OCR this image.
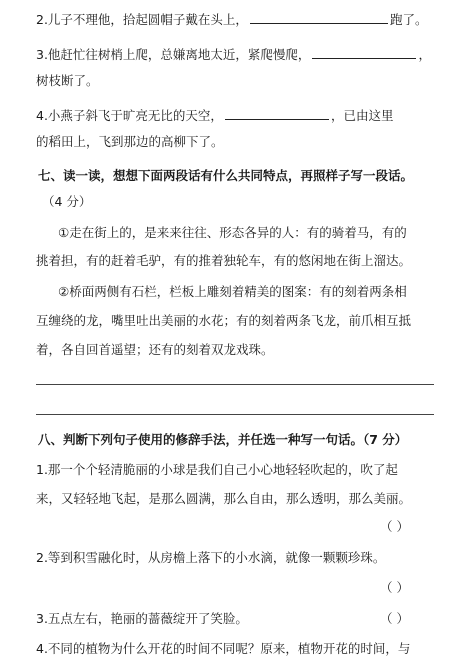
2.儿子不理他，拾起圆帽子戴在头上，	跑了。
3.他赶忙往树梢上爬，总嫌离地太近，紧爬慢爬，	，
树枝断了。
4.小燕子斜飞于旷亮无比的天空，	，已由这里
的稻田上，飞到那边的高柳下了。
七、读一读，想想下面两段话有什么共同特点，再照样子写一段话。
（4 分）
①走在街上的，是来来往往、形态各异的人：有的骑着马，有的
挑着担，有的赶着毛驴，有的推着独轮车，有的悠闲地在街上溜达。
②桥面两侧有石栏，栏板上雕刻着精美的图案：有的刻着两条相
互缠绕的龙，嘴里吐出美丽的水花；有的刻着两条飞龙，前爪相互抵
着，各自回首遥望；还有的刻着双龙戏珠。
八、判断下列句子使用的修辞手法，并任选一种写一句话。（7 分）
1.那一个个轻清脆丽的小球是我们自己小心地轻轻吹起的，吹了起
来，又轻轻地飞起，是那么圆满，那么自由，那么透明，那么美丽。
（ ）
2.等到积雪融化时，从房檐上落下的小水滴，就像一颗颗珍珠。
（ ）
3.五点左右，艳丽的蔷薇绽开了笑脸。	（ ）
4.不同的植物为什么开花的时间不同呢？原来，植物开花的时间，与
